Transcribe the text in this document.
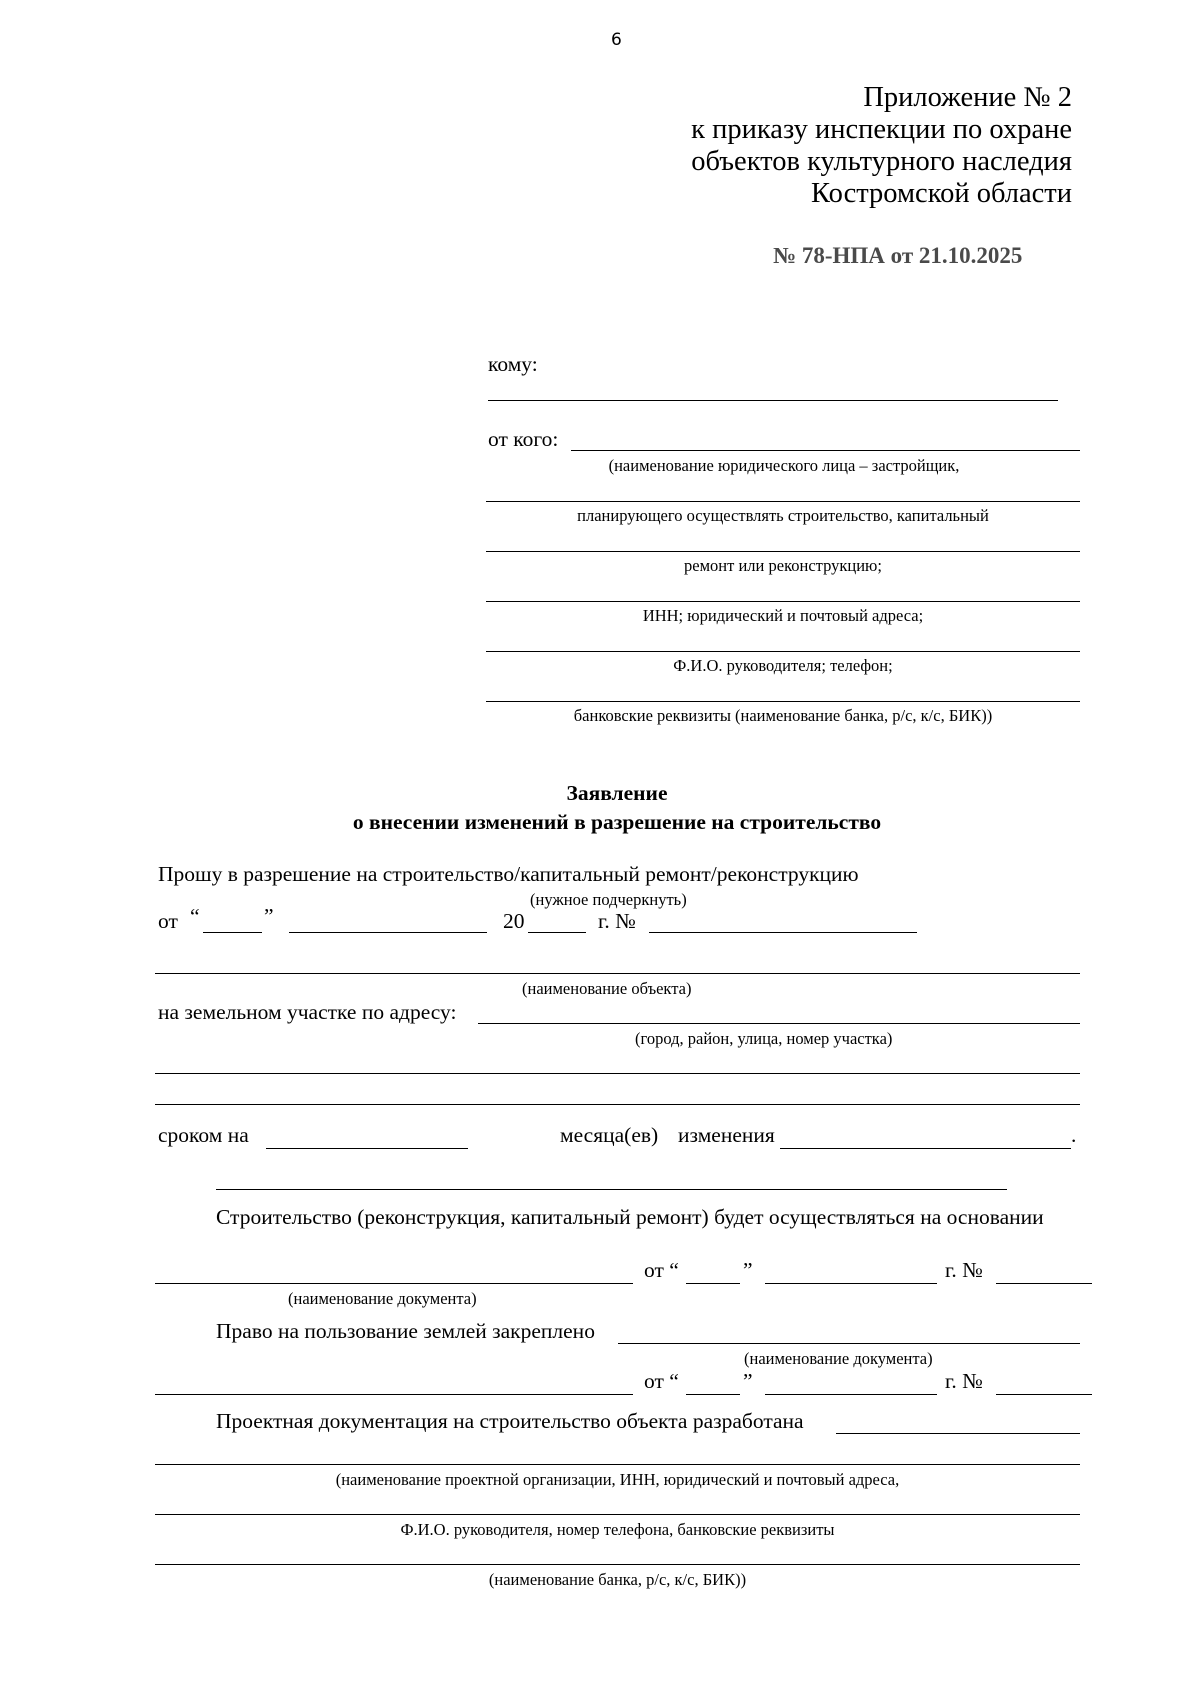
6
Приложение № 2
к приказу инспекции по охране
объектов культурного наследия
Костромской области
№ 78-НПА от 21.10.2025
кому:
от кого:
(наименование юридического лица – застройщик,
планирующего осуществлять строительство, капитальный
ремонт или реконструкцию;
ИНН; юридический и почтовый адреса;
Ф.И.О. руководителя; телефон;
банковские реквизиты (наименование банка, р/с, к/с, БИК))
Заявление
о внесении изменений в разрешение на строительство
Прошу в разрешение на строительство/капитальный ремонт/реконструкцию
(нужное подчеркнуть)
от “	”	20	г. №
(наименование объекта)
на земельном участке по адресу:
(город, район, улица, номер участка)
сроком на	месяца(ев) изменения	.
Строительство (реконструкция, капитальный ремонт) будет осуществляться на основании
от “	”	г. №
(наименование документа)
Право на пользование землей закреплено
(наименование документа)
от “	”	г. №
Проектная документация на строительство объекта разработана
(наименование проектной организации, ИНН, юридический и почтовый адреса,
Ф.И.О. руководителя, номер телефона, банковские реквизиты
(наименование банка, р/с, к/с, БИК))
